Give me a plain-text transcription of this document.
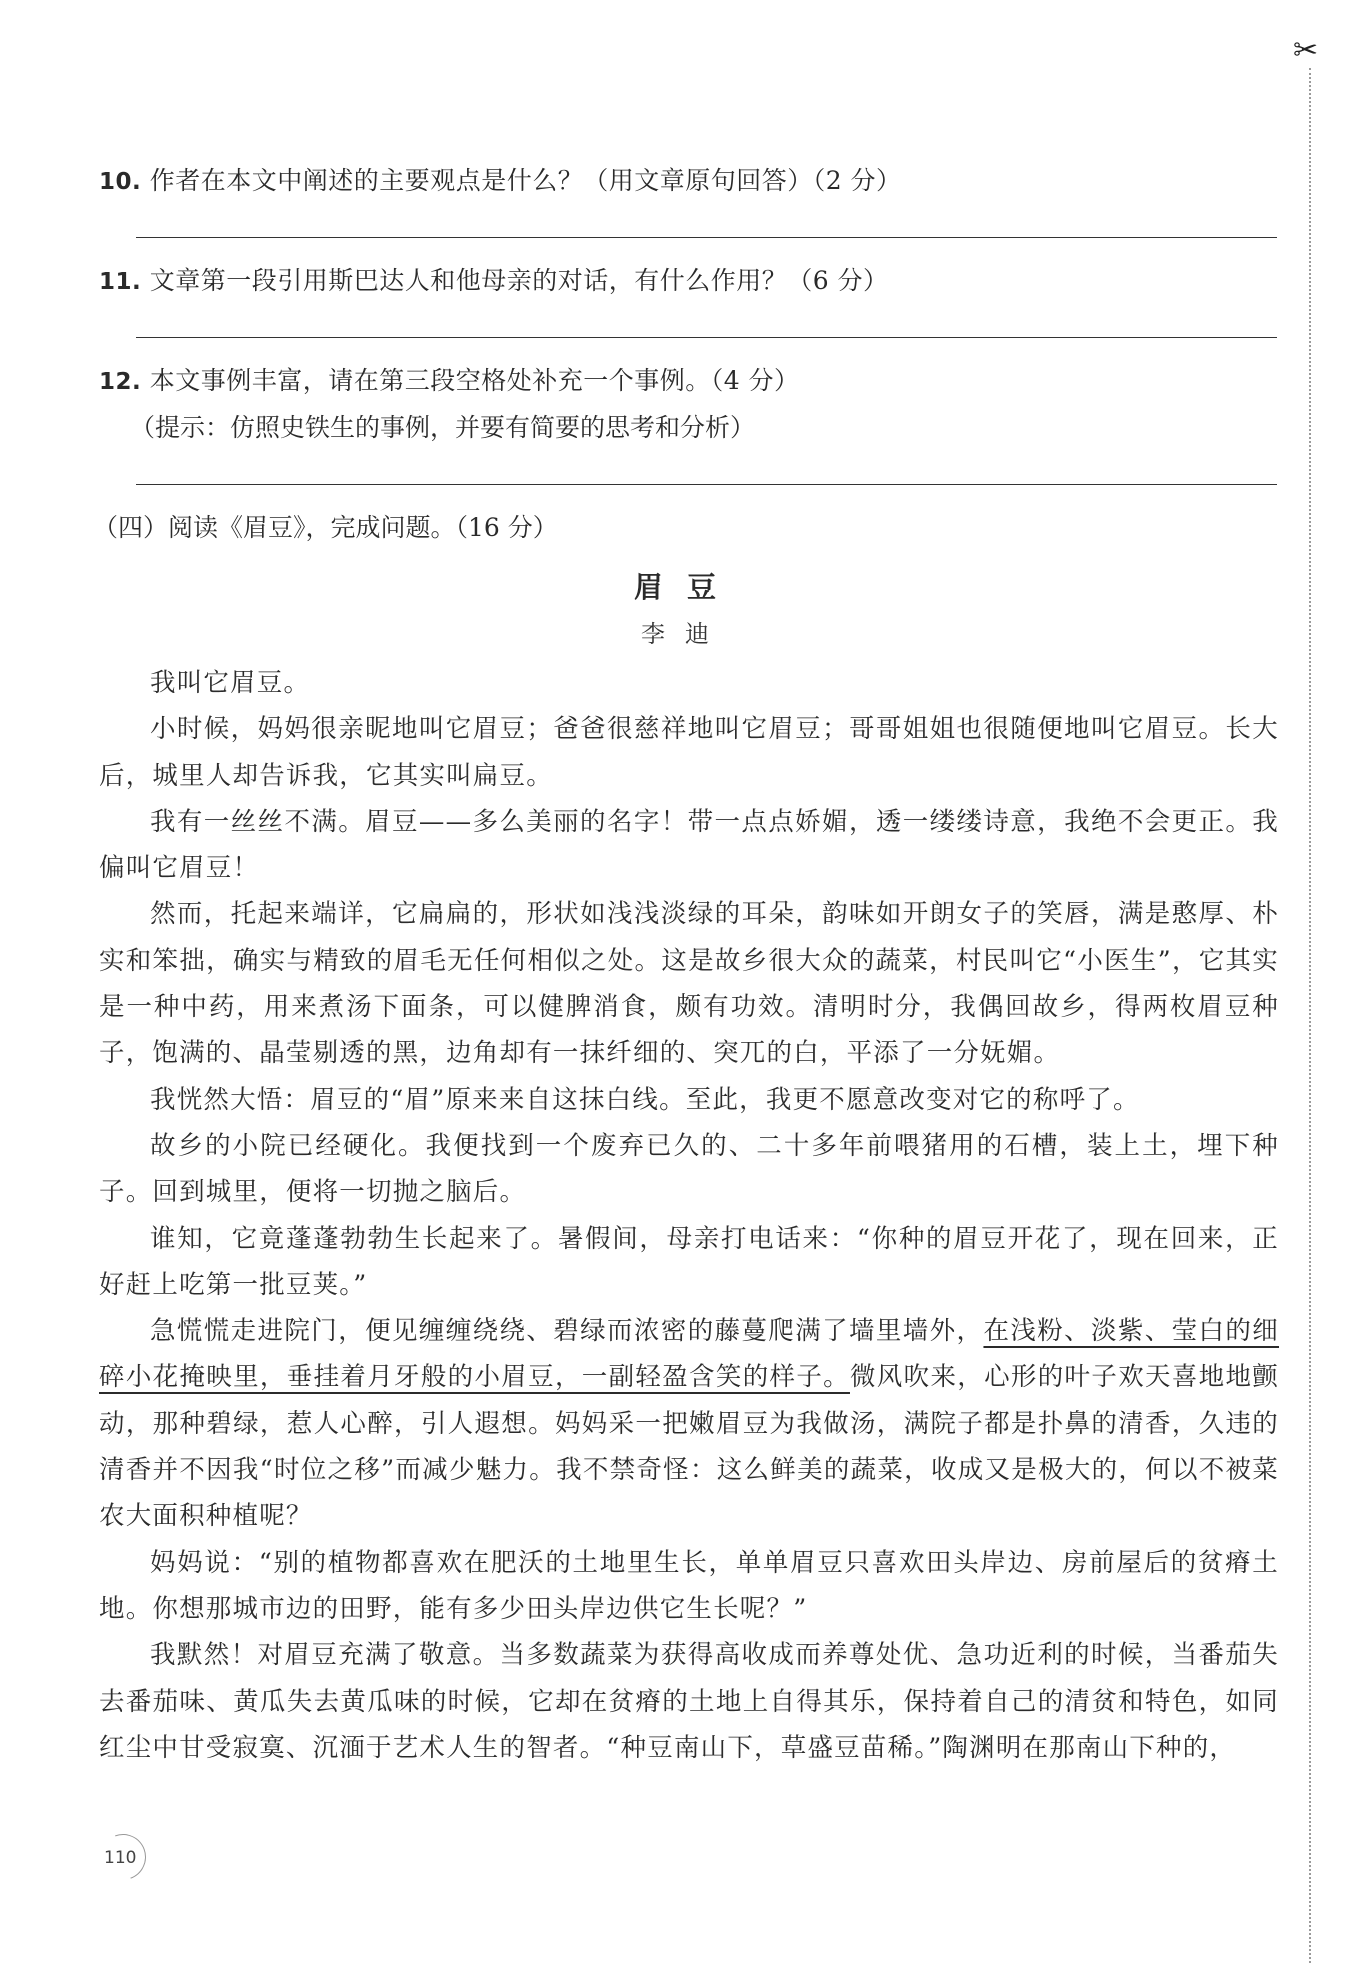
✂
10. 作者在本文中阐述的主要观点是什么？（用文章原句回答）（2 分）
11. 文章第一段引用斯巴达人和他母亲的对话，有什么作用？（6 分）
12. 本文事例丰富，请在第三段空格处补充一个事例。（4 分）
（提示：仿照史铁生的事例，并要有简要的思考和分析）
（四）阅读《眉豆》，完成问题。（16 分）
眉豆
李迪

我叫它眉豆。

小时候，妈妈很亲昵地叫它眉豆；爸爸很慈祥地叫它眉豆；哥哥姐姐也很随便地叫它眉豆。长大后，城里人却告诉我，它其实叫扁豆。

我有一丝丝不满。眉豆——多么美丽的名字！带一点点娇媚，透一缕缕诗意，我绝不会更正。我偏叫它眉豆！

然而，托起来端详，它扁扁的，形状如浅浅淡绿的耳朵，韵味如开朗女子的笑唇，满是憨厚、朴实和笨拙，确实与精致的眉毛无任何相似之处。这是故乡很大众的蔬菜，村民叫它“小医生”，它其实是一种中药，用来煮汤下面条，可以健脾消食，颇有功效。清明时分，我偶回故乡，得两枚眉豆种子，饱满的、晶莹剔透的黑，边角却有一抹纤细的、突兀的白，平添了一分妩媚。

我恍然大悟：眉豆的“眉”原来来自这抹白线。至此，我更不愿意改变对它的称呼了。

故乡的小院已经硬化。我便找到一个废弃已久的、二十多年前喂猪用的石槽，装上土，埋下种子。回到城里，便将一切抛之脑后。

谁知，它竟蓬蓬勃勃生长起来了。暑假间，母亲打电话来：“你种的眉豆开花了，现在回来，正好赶上吃第一批豆荚。”

急慌慌走进院门，便见缠缠绕绕、碧绿而浓密的藤蔓爬满了墙里墙外，在浅粉、淡紫、莹白的细碎小花掩映里，垂挂着月牙般的小眉豆，一副轻盈含笑的样子。微风吹来，心形的叶子欢天喜地地颤动，那种碧绿，惹人心醉，引人遐想。妈妈采一把嫩眉豆为我做汤，满院子都是扑鼻的清香，久违的清香并不因我“时位之移”而减少魅力。我不禁奇怪：这么鲜美的蔬菜，收成又是极大的，何以不被菜农大面积种植呢？

妈妈说：“别的植物都喜欢在肥沃的土地里生长，单单眉豆只喜欢田头岸边、房前屋后的贫瘠土地。你想那城市边的田野，能有多少田头岸边供它生长呢？”

我默然！对眉豆充满了敬意。当多数蔬菜为获得高收成而养尊处优、急功近利的时候，当番茄失去番茄味、黄瓜失去黄瓜味的时候，它却在贫瘠的土地上自得其乐，保持着自己的清贫和特色，如同红尘中甘受寂寞、沉湎于艺术人生的智者。“种豆南山下，草盛豆苗稀。”陶渊明在那南山下种的，

110
